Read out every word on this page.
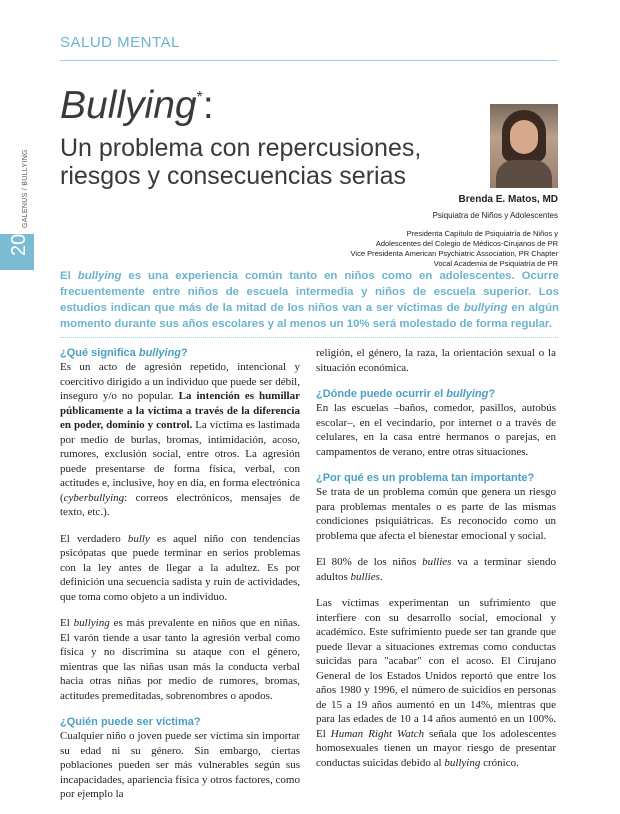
SALUD MENTAL
Bullying*:
Un problema con repercusiones, riesgos y consecuencias serias
Brenda E. Matos, MD
Psiquiatra de Niños y Adolescentes
Presidenta Capítulo de Psiquiatría de Niños y
Adolescentes del Colegio de Médicos-Cirujanos de PR
Vice Presidenta American Psychiatric Association, PR Chapter
Vocal Academia de Psiquiatría de PR
GALENUS / BULLYING
20
El bullying es una experiencia común tanto en niños como en adolescentes. Ocurre frecuentemente entre niños de escuela intermedia y niños de escuela superior. Los estudios indican que más de la mitad de los niños van a ser víctimas de bullying en algún momento durante sus años escolares y al menos un 10% será molestado de forma regular.
¿Qué significa bullying?

Es un acto de agresión repetido, intencional y coercitivo dirigido a un individuo que puede ser débil, inseguro y/o no popular. La intención es humillar públicamente a la víctima a través de la diferencia en poder, dominio y control. La víctima es lastimada por medio de burlas, bromas, intimidación, acoso, rumores, exclusión social, entre otros. La agresión puede presentarse de forma física, verbal, con actitudes e, inclusive, hoy en día, en forma electrónica (cyberbullying: correos electrónicos, mensajes de texto, etc.).

El verdadero bully es aquel niño con tendencias psicópatas que puede terminar en serios problemas con la ley antes de llegar a la adultez. Es por definición una secuencia sadista y ruin de actividades, que toma como objeto a un individuo.

El bullying es más prevalente en niños que en niñas. El varón tiende a usar tanto la agresión verbal como física y no discrimina su ataque con el género, mientras que las niñas usan más la conducta verbal hacia otras niñas por medio de rumores, bromas, actitudes premeditadas, sobrenombres o apodos.

¿Quién puede ser víctima?

Cualquier niño o joven puede ser víctima sin importar su edad ni su género. Sin embargo, ciertas poblaciones pueden ser más vulnerables según sus incapacidades, apariencia física y otros factores, como por ejemplo la

religión, el género, la raza, la orientación sexual o la situación económica.

¿Dónde puede ocurrir el bullying?

En las escuelas –baños, comedor, pasillos, autobús escolar–, en el vecindario, por internet o a través de celulares, en la casa entre hermanos o parejas, en campamentos de verano, entre otras situaciones.

¿Por qué es un problema tan importante?

Se trata de un problema común que genera un riesgo para problemas mentales o es parte de las mismas condiciones psiquiátricas. Es reconocido como un problema que afecta el bienestar emocional y social.

El 80% de los niños bullies va a terminar siendo adultos bullies.

Las víctimas experimentan un sufrimiento que interfiere con su desarrollo social, emocional y académico. Este sufrimiento puede ser tan grande que puede llevar a situaciones extremas como conductas suicidas para "acabar" con el acoso. El Cirujano General de los Estados Unidos reportó que entre los años 1980 y 1996, el número de suicidios en personas de 15 a 19 años aumentó en un 14%, mientras que para las edades de 10 a 14 años aumentó en un 100%. El Human Right Watch señala que los adolescentes homosexuales tienen un mayor riesgo de presentar conductas suicidas debido al bullying crónico.
